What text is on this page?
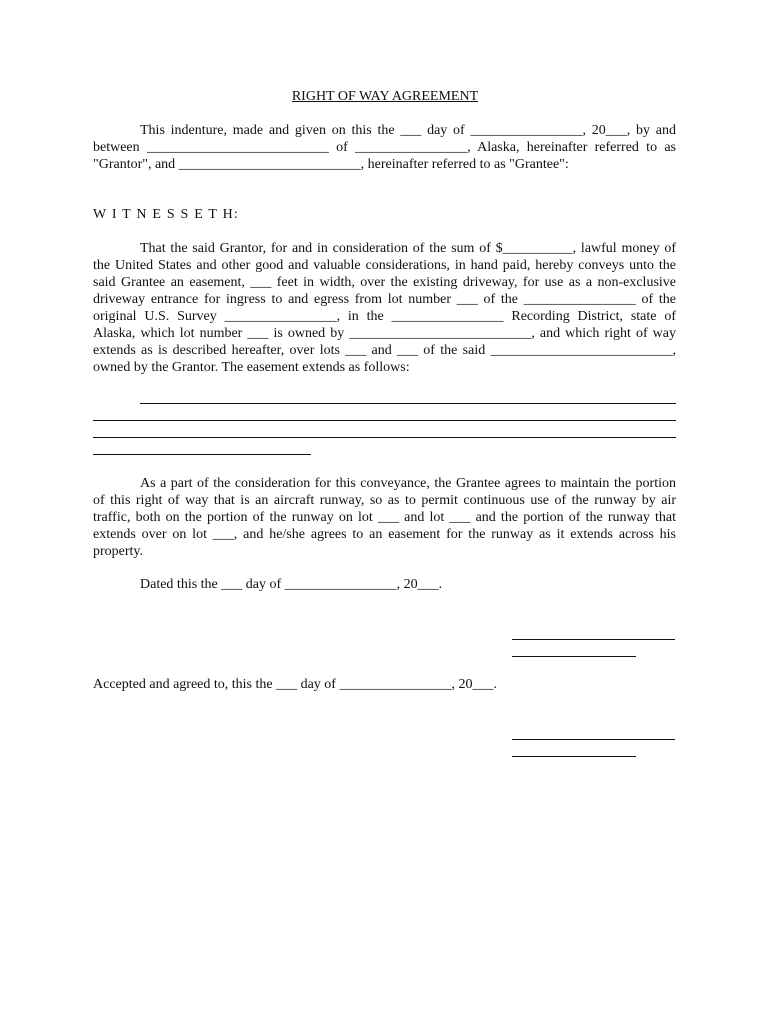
RIGHT OF WAY AGREEMENT

This indenture, made and given on this the ___ day of ________________, 20___, by and between __________________________ of ________________, Alaska, hereinafter referred to as "Grantor", and __________________________, hereinafter referred to as "Grantee":

W I T N E S S E T H:

That the said Grantor, for and in consideration of the sum of $__________, lawful money of the United States and other good and valuable considerations, in hand paid, hereby conveys unto the said Grantee an easement, ___ feet in width, over the existing driveway, for use as a non-exclusive driveway entrance for ingress to and egress from lot number ___ of the ________________ of the original U.S. Survey ________________, in the ________________ Recording District, state of Alaska, which lot number ___ is owned by __________________________, and which right of way extends as is described hereafter, over lots ___ and ___ of the said __________________________, owned by the Grantor. The easement extends as follows:

As a part of the consideration for this conveyance, the Grantee agrees to maintain the portion of this right of way that is an aircraft runway, so as to permit continuous use of the runway by air traffic, both on the portion of the runway on lot ___ and lot ___ and the portion of the runway that extends over on lot ___, and he/she agrees to an easement for the runway as it extends across his property.

Dated this the ___ day of ________________, 20___.
Accepted and agreed to, this the ___ day of ________________, 20___.
